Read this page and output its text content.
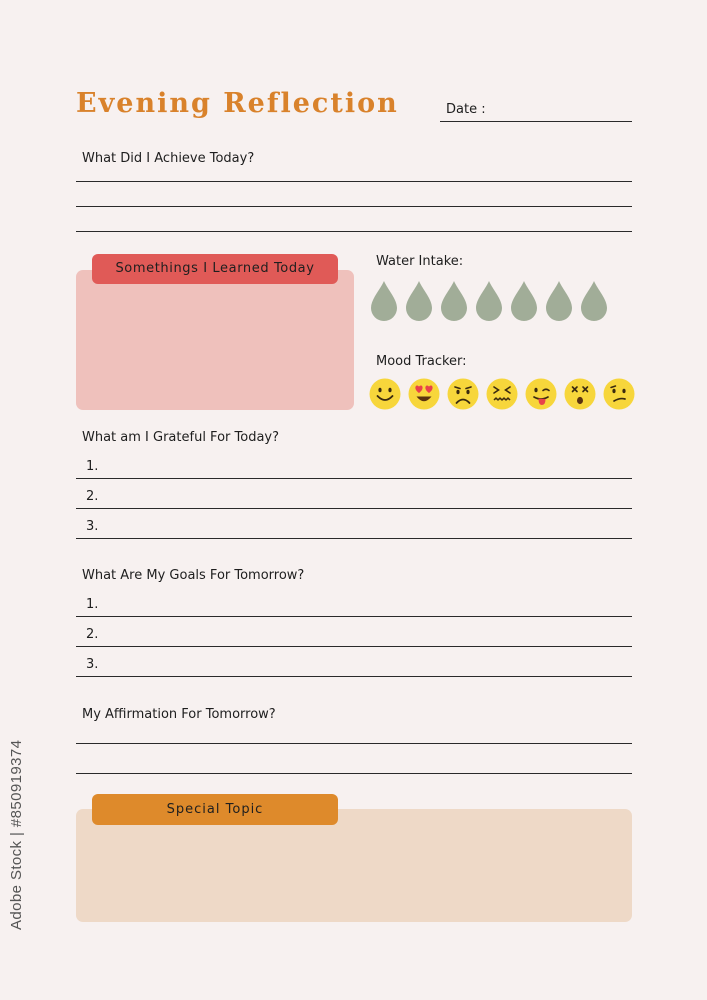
Evening Reflection	Date :
What Did I Achieve Today?
Somethings I Learned Today	Water Intake:
Mood Tracker:
What am I Grateful For Today?
1.
2.
3.
What Are My Goals For Tomorrow?
1.
2.
3.
My Affirmation For Tomorrow?
Special Topic
Adobe Stock | #850919374
